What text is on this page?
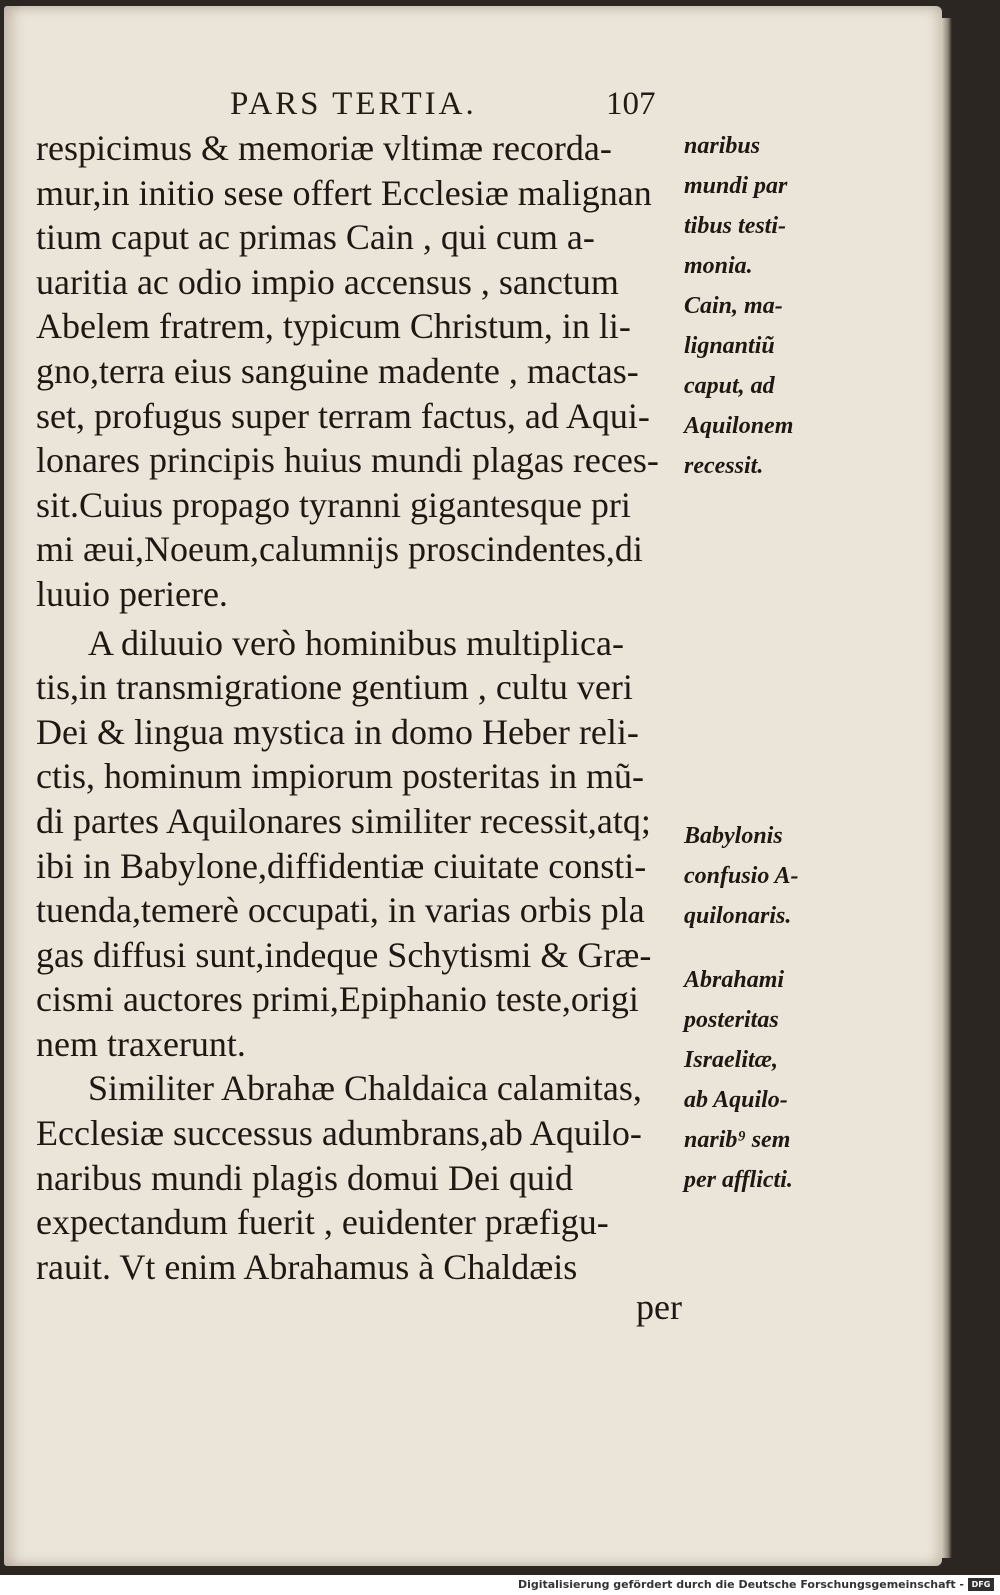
PARS TERTIA.	107
respicimus & memoriæ vltimæ recorda-
mur,in initio sese offert Ecclesiæ malignan
tium caput ac primas Cain , qui cum a-
uaritia ac odio impio accensus , sanctum
Abelem fratrem, typicum Christum, in li-
gno,terra eius sanguine madente , mactas-
set, profugus super terram factus, ad Aqui-
lonares principis huius mundi plagas reces-
sit.Cuius propago tyranni gigantesque pri
mi æui,Noeum,calumnijs proscindentes,di
luuio periere.
A diluuio verò hominibus multiplica-
tis,in transmigratione gentium , cultu veri
Dei & lingua mystica in domo Heber reli-
ctis, hominum impiorum posteritas in mũ-
di partes Aquilonares similiter recessit,atq;
ibi in Babylone,diffidentiæ ciuitate consti-
tuenda,temerè occupati, in varias orbis pla
gas diffusi sunt,indeque Schytismi & Græ-
cismi auctores primi,Epiphanio teste,origi
nem traxerunt.
Similiter Abrahæ Chaldaica calamitas,
Ecclesiæ successus adumbrans,ab Aquilo-
naribus mundi plagis domui Dei quid
expectandum fuerit , euidenter præfigu-
rauit. Vt enim Abrahamus à Chaldæis
naribus
mundi par
tibus testi-
monia.
Cain, ma-
lignantiũ
caput, ad
Aquilonem
recessit.
Babylonis
confusio A-
quilonaris.
Abrahami
posteritas
Israelitæ,
ab Aquilo-
narib⁹ sem
per afflicti.
per
Digitalisierung gefördert durch die Deutsche Forschungsgemeinschaft - DFG
